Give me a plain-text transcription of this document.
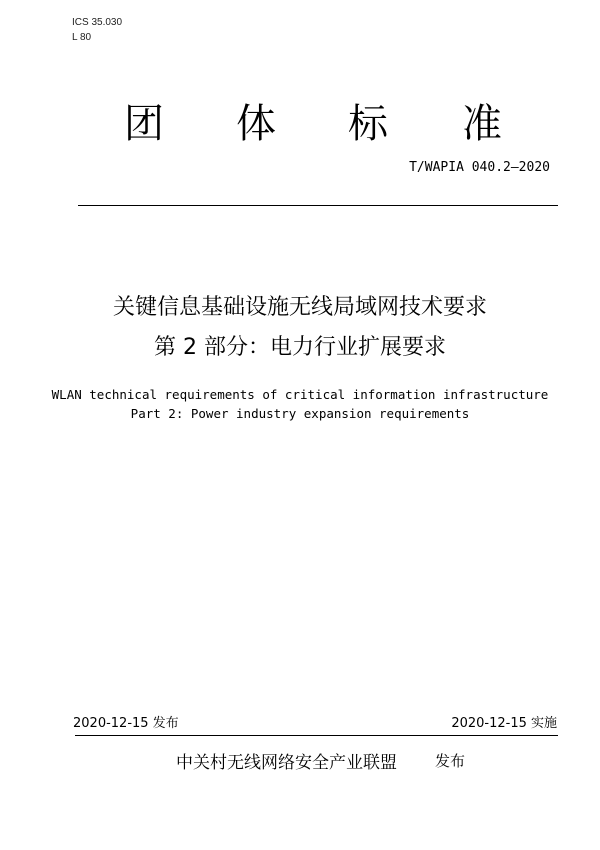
ICS 35.030
L 80
团 体 标 准
T/WAPIA 040.2—2020
关键信息基础设施无线局域网技术要求
第 2 部分：电力行业扩展要求
WLAN technical requirements of critical information infrastructure
Part 2: Power industry expansion requirements
2020-12-15 发布	2020-12-15 实施
中关村无线网络安全产业联盟	发布
